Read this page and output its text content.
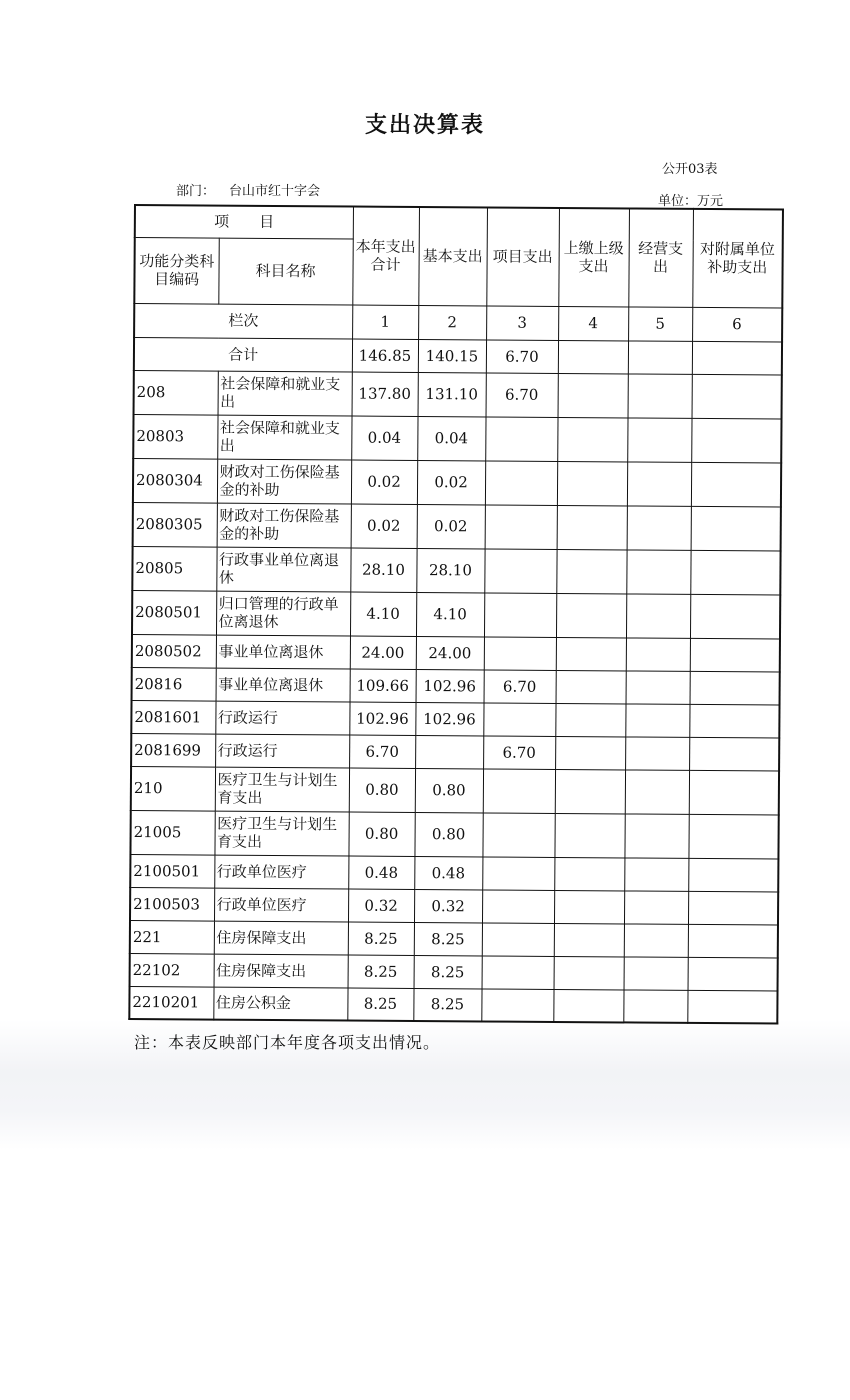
支出决算表
公开03表
部门： 台山市红十字会
单位：万元
项　　目		本年支出合计	基本支出	项目支出	上缴上级支出	经营支出	对附属单位补助支出
功能分类科目编码	科目名称						
栏次		1	2	3	4	5	6
合计		146.85	140.15	6.70			
208	社会保障和就业支出	137.80	131.10	6.70			
20803	社会保障和就业支出	0.04	0.04				
2080304	财政对工伤保险基金的补助	0.02	0.02				
2080305	财政对工伤保险基金的补助	0.02	0.02				
20805	行政事业单位离退休	28.10	28.10				
2080501	归口管理的行政单位离退休	4.10	4.10				
2080502	事业单位离退休	24.00	24.00				
20816	事业单位离退休	109.66	102.96	6.70			
2081601	行政运行	102.96	102.96				
2081699	行政运行	6.70		6.70			
210	医疗卫生与计划生育支出	0.80	0.80				
21005	医疗卫生与计划生育支出	0.80	0.80				
2100501	行政单位医疗	0.48	0.48				
2100503	行政单位医疗	0.32	0.32				
221	住房保障支出	8.25	8.25				
22102	住房保障支出	8.25	8.25				
2210201	住房公积金	8.25	8.25				
注：本表反映部门本年度各项支出情况。
